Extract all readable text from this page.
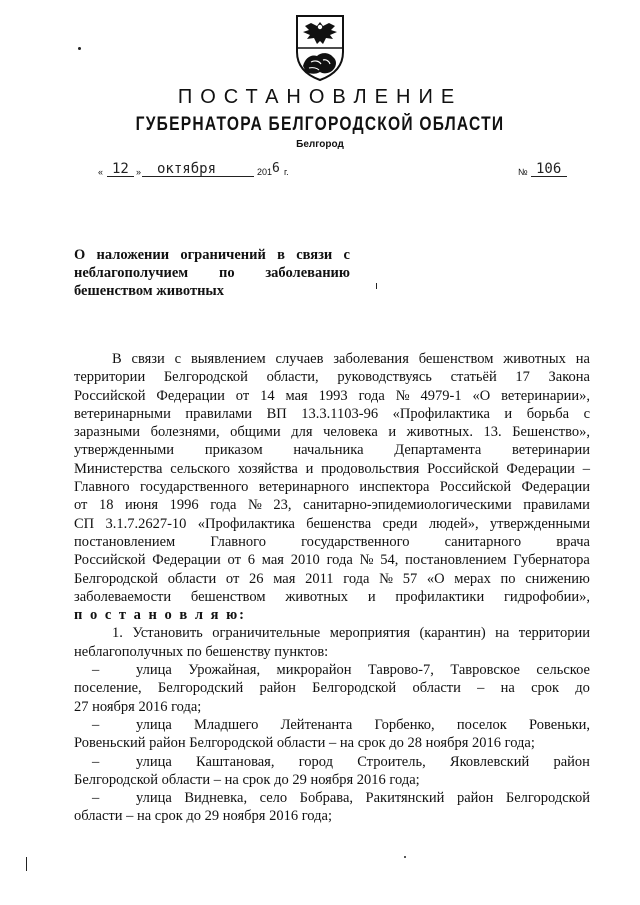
ПОСТАНОВЛЕНИЕ
ГУБЕРНАТОРА БЕЛГОРОДСКОЙ ОБЛАСТИ
Белгород
« 12 » октября	201 6 г.	№ 106
О наложении ограничений в связи с
неблагополучием по заболеванию
бешенством животных
В связи с выявлением случаев заболевания бешенством животных на
территории Белгородской области, руководствуясь статьёй 17 Закона
Российской Федерации от 14 мая 1993 года № 4979-1 «О ветеринарии»,
ветеринарными правилами ВП 13.3.1103-96 «Профилактика и борьба с
заразными болезнями, общими для человека и животных. 13. Бешенство»,
утвержденными приказом начальника Департамента ветеринарии
Министерства сельского хозяйства и продовольствия Российской Федерации –
Главного государственного ветеринарного инспектора Российской Федерации
от 18 июня 1996 года № 23, санитарно-эпидемиологическими правилами
СП 3.1.7.2627-10 «Профилактика бешенства среди людей», утвержденными
постановлением Главного государственного санитарного врача
Российской Федерации от 6 мая 2010 года № 54, постановлением Губернатора
Белгородской области от 26 мая 2011 года № 57 «О мерах по снижению
заболеваемости бешенством животных и профилактики гидрофобии»,
п о с т а н о в л я ю:
1. Установить ограничительные мероприятия (карантин) на территории
неблагополучных по бешенству пунктов:
–	улица Урожайная, микрорайон Таврово-7, Тавровское сельское
поселение, Белгородский район Белгородской области – на срок до
27 ноября 2016 года;
–	улица Младшего Лейтенанта Горбенко, поселок Ровеньки,
Ровеньский район Белгородской области – на срок до 28 ноября 2016 года;
–	улица Каштановая, город Строитель, Яковлевский район
Белгородской области – на срок до 29 ноября 2016 года;
–	улица Видневка, село Бобрава, Ракитянский район Белгородской
области – на срок до 29 ноября 2016 года;
